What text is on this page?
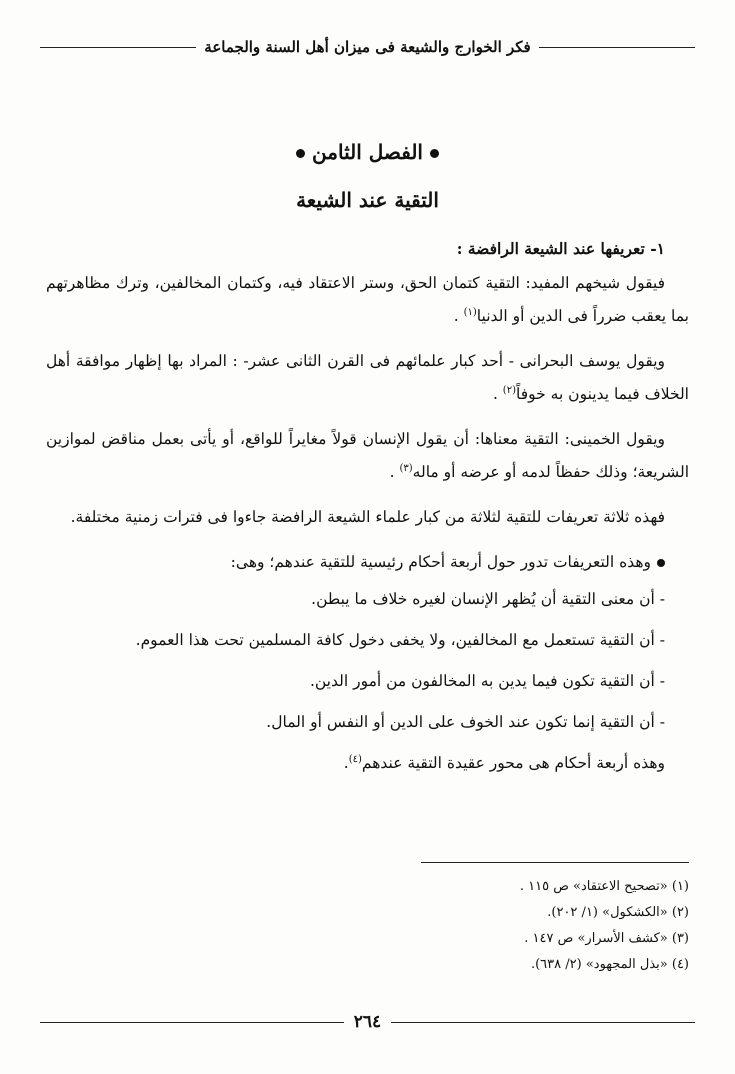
فكر الخوارج والشيعة فى ميزان أهل السنة والجماعة
الفصل الثامن
التقية عند الشيعة

١- تعريفها عند الشيعة الرافضة :

فيقول شيخهم المفيد: التقية كتمان الحق، وستر الاعتقاد فيه، وكتمان المخالفين، وترك مظاهرتهم بما يعقب ضرراً فى الدين أو الدنيا$^{(١)}$ .

ويقول يوسف البحرانى - أحد كبار علمائهم فى القرن الثانى عشر- : المراد بها إظهار موافقة أهل الخلاف فيما يدينون به خوفاً$^{(٢)}$ .

ويقول الخمينى: التقية معناها: أن يقول الإنسان قولاً مغايراً للواقع، أو يأتى بعمل مناقض لموازين الشريعة؛ وذلك حفظاً لدمه أو عرضه أو ماله$^{(٣)}$ .

فهذه ثلاثة تعريفات للتقية لثلاثة من كبار علماء الشيعة الرافضة جاءوا فى فترات زمنية مختلفة.

وهذه التعريفات تدور حول أربعة أحكام رئيسية للتقية عندهم؛ وهى:

- أن معنى التقية أن يُظهر الإنسان لغيره خلاف ما يبطن.

- أن التقية تستعمل مع المخالفين، ولا يخفى دخول كافة المسلمين تحت هذا العموم.

- أن التقية تكون فيما يدين به المخالفون من أمور الدين.

- أن التقية إنما تكون عند الخوف على الدين أو النفس أو المال.

وهذه أربعة أحكام هى محور عقيدة التقية عندهم$^{(٤)}$.

(١) «تصحيح الاعتقاد» ص ١١٥ .
(٢) «الكشكول» (١/ ٢٠٢).
(٣) «كشف الأسرار» ص ١٤٧ .
(٤) «بذل المجهود» (٢/ ٦٣٨).
٢٦٤
